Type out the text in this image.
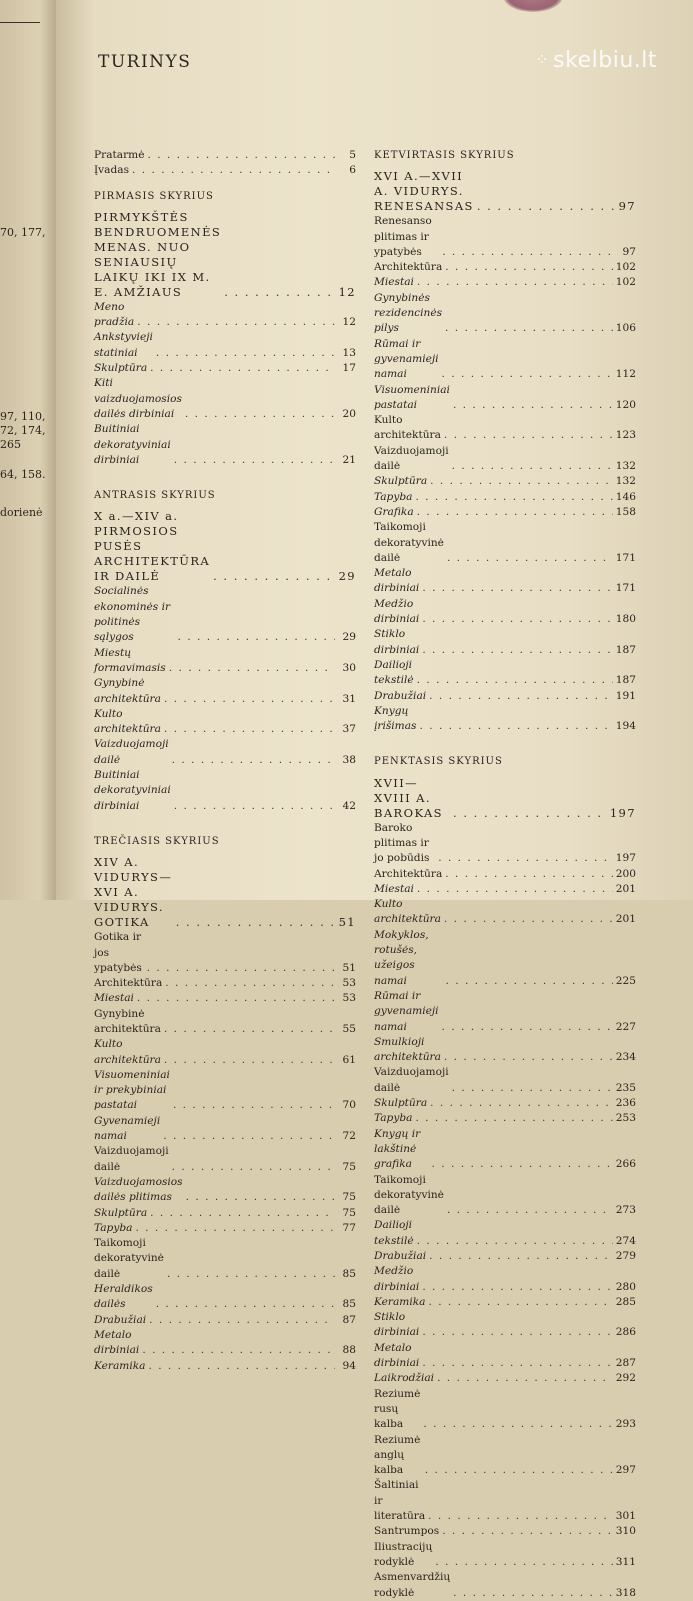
70, 177,
97, 110,
72, 174,
265
64, 158.
dorienė
⁘ skelbiu.lt
TURINYS
Pratarmė . . .	5
Įvadas . . .	6
PIRMASIS SKYRIUS
PIRMYKŠTĖS BENDRUOMENĖS MENAS. NUO SENIAUSIŲ LAIKŲ IKI IX M. E. AMŽIAUS . . .	12
Meno pradžia . . .	12
Ankstyvieji statiniai . . .	13
Skulptūra . . .	17
Kiti vaizduojamosios dailės dirbiniai . . .	20
Buitiniai dekoratyviniai dirbiniai . . .	21
ANTRASIS SKYRIUS
X a.—XIV a. PIRMOSIOS PUSĖS ARCHITEKTŪRA IR DAILĖ . . .	29
Socialinės ekonominės ir politinės sąlygos . . .	29
Miestų formavimasis . . .	30
Gynybinė architektūra . . .	31
Kulto architektūra . . .	37
Vaizduojamoji dailė . . .	38
Buitiniai dekoratyviniai dirbiniai . . .	42
TREČIASIS SKYRIUS
XIV A. VIDURYS—XVI A. VIDURYS. GOTIKA . . .	51
Gotika ir jos ypatybės . . .	51
Architektūra . . .	53
Miestai . . .	53
Gynybinė architektūra . . .	55
Kulto architektūra . . .	61
Visuomeniniai ir prekybiniai pastatai . . .	70
Gyvenamieji namai . . .	72
Vaizduojamoji dailė . . .	75
Vaizduojamosios dailės plitimas . . .	75
Skulptūra . . .	75
Tapyba . . .	77
Taikomoji dekoratyvinė dailė . . .	85
Heraldikos dailės . . .	85
Drabužiai . . .	87
Metalo dirbiniai . . .	88
Keramika . . .	94
KETVIRTASIS SKYRIUS
XVI A.—XVII A. VIDURYS. RENESANSAS . . .	97
Renesanso plitimas ir ypatybės . . .	97
Architektūra . . .	102
Miestai . . .	102
Gynybinės rezidencinės pilys . . .	106
Rūmai ir gyvenamieji namai . . .	112
Visuomeniniai pastatai . . .	120
Kulto architektūra . . .	123
Vaizduojamoji dailė . . .	132
Skulptūra . . .	132
Tapyba . . .	146
Grafika . . .	158
Taikomoji dekoratyvinė dailė . . .	171
Metalo dirbiniai . . .	171
Medžio dirbiniai . . .	180
Stiklo dirbiniai . . .	187
Dailioji tekstilė . . .	187
Drabužiai . . .	191
Knygų įrišimas . . .	194
PENKTASIS SKYRIUS
XVII—XVIII A. BAROKAS . . .	197
Baroko plitimas ir jo pobūdis . . .	197
Architektūra . . .	200
Miestai . . .	201
Kulto architektūra . . .	201
Mokyklos, rotušės, užeigos namai . . .	225
Rūmai ir gyvenamieji namai . . .	227
Smulkioji architektūra . . .	234
Vaizduojamoji dailė . . .	235
Skulptūra . . .	236
Tapyba . . .	253
Knygų ir lakštinė grafika . . .	266
Taikomoji dekoratyvinė dailė . . .	273
Dailioji tekstilė . . .	274
Drabužiai . . .	279
Medžio dirbiniai . . .	280
Keramika . . .	285
Stiklo dirbiniai . . .	286
Metalo dirbiniai . . .	287
Laikrodžiai . . .	292
Reziumė rusų kalba . . .	293
Reziumė anglų kalba . . .	297
Šaltiniai ir literatūra . . .	301
Santrumpos . . .	310
Iliustracijų rodyklė . . .	311
Asmenvardžių rodyklė . . .	318
